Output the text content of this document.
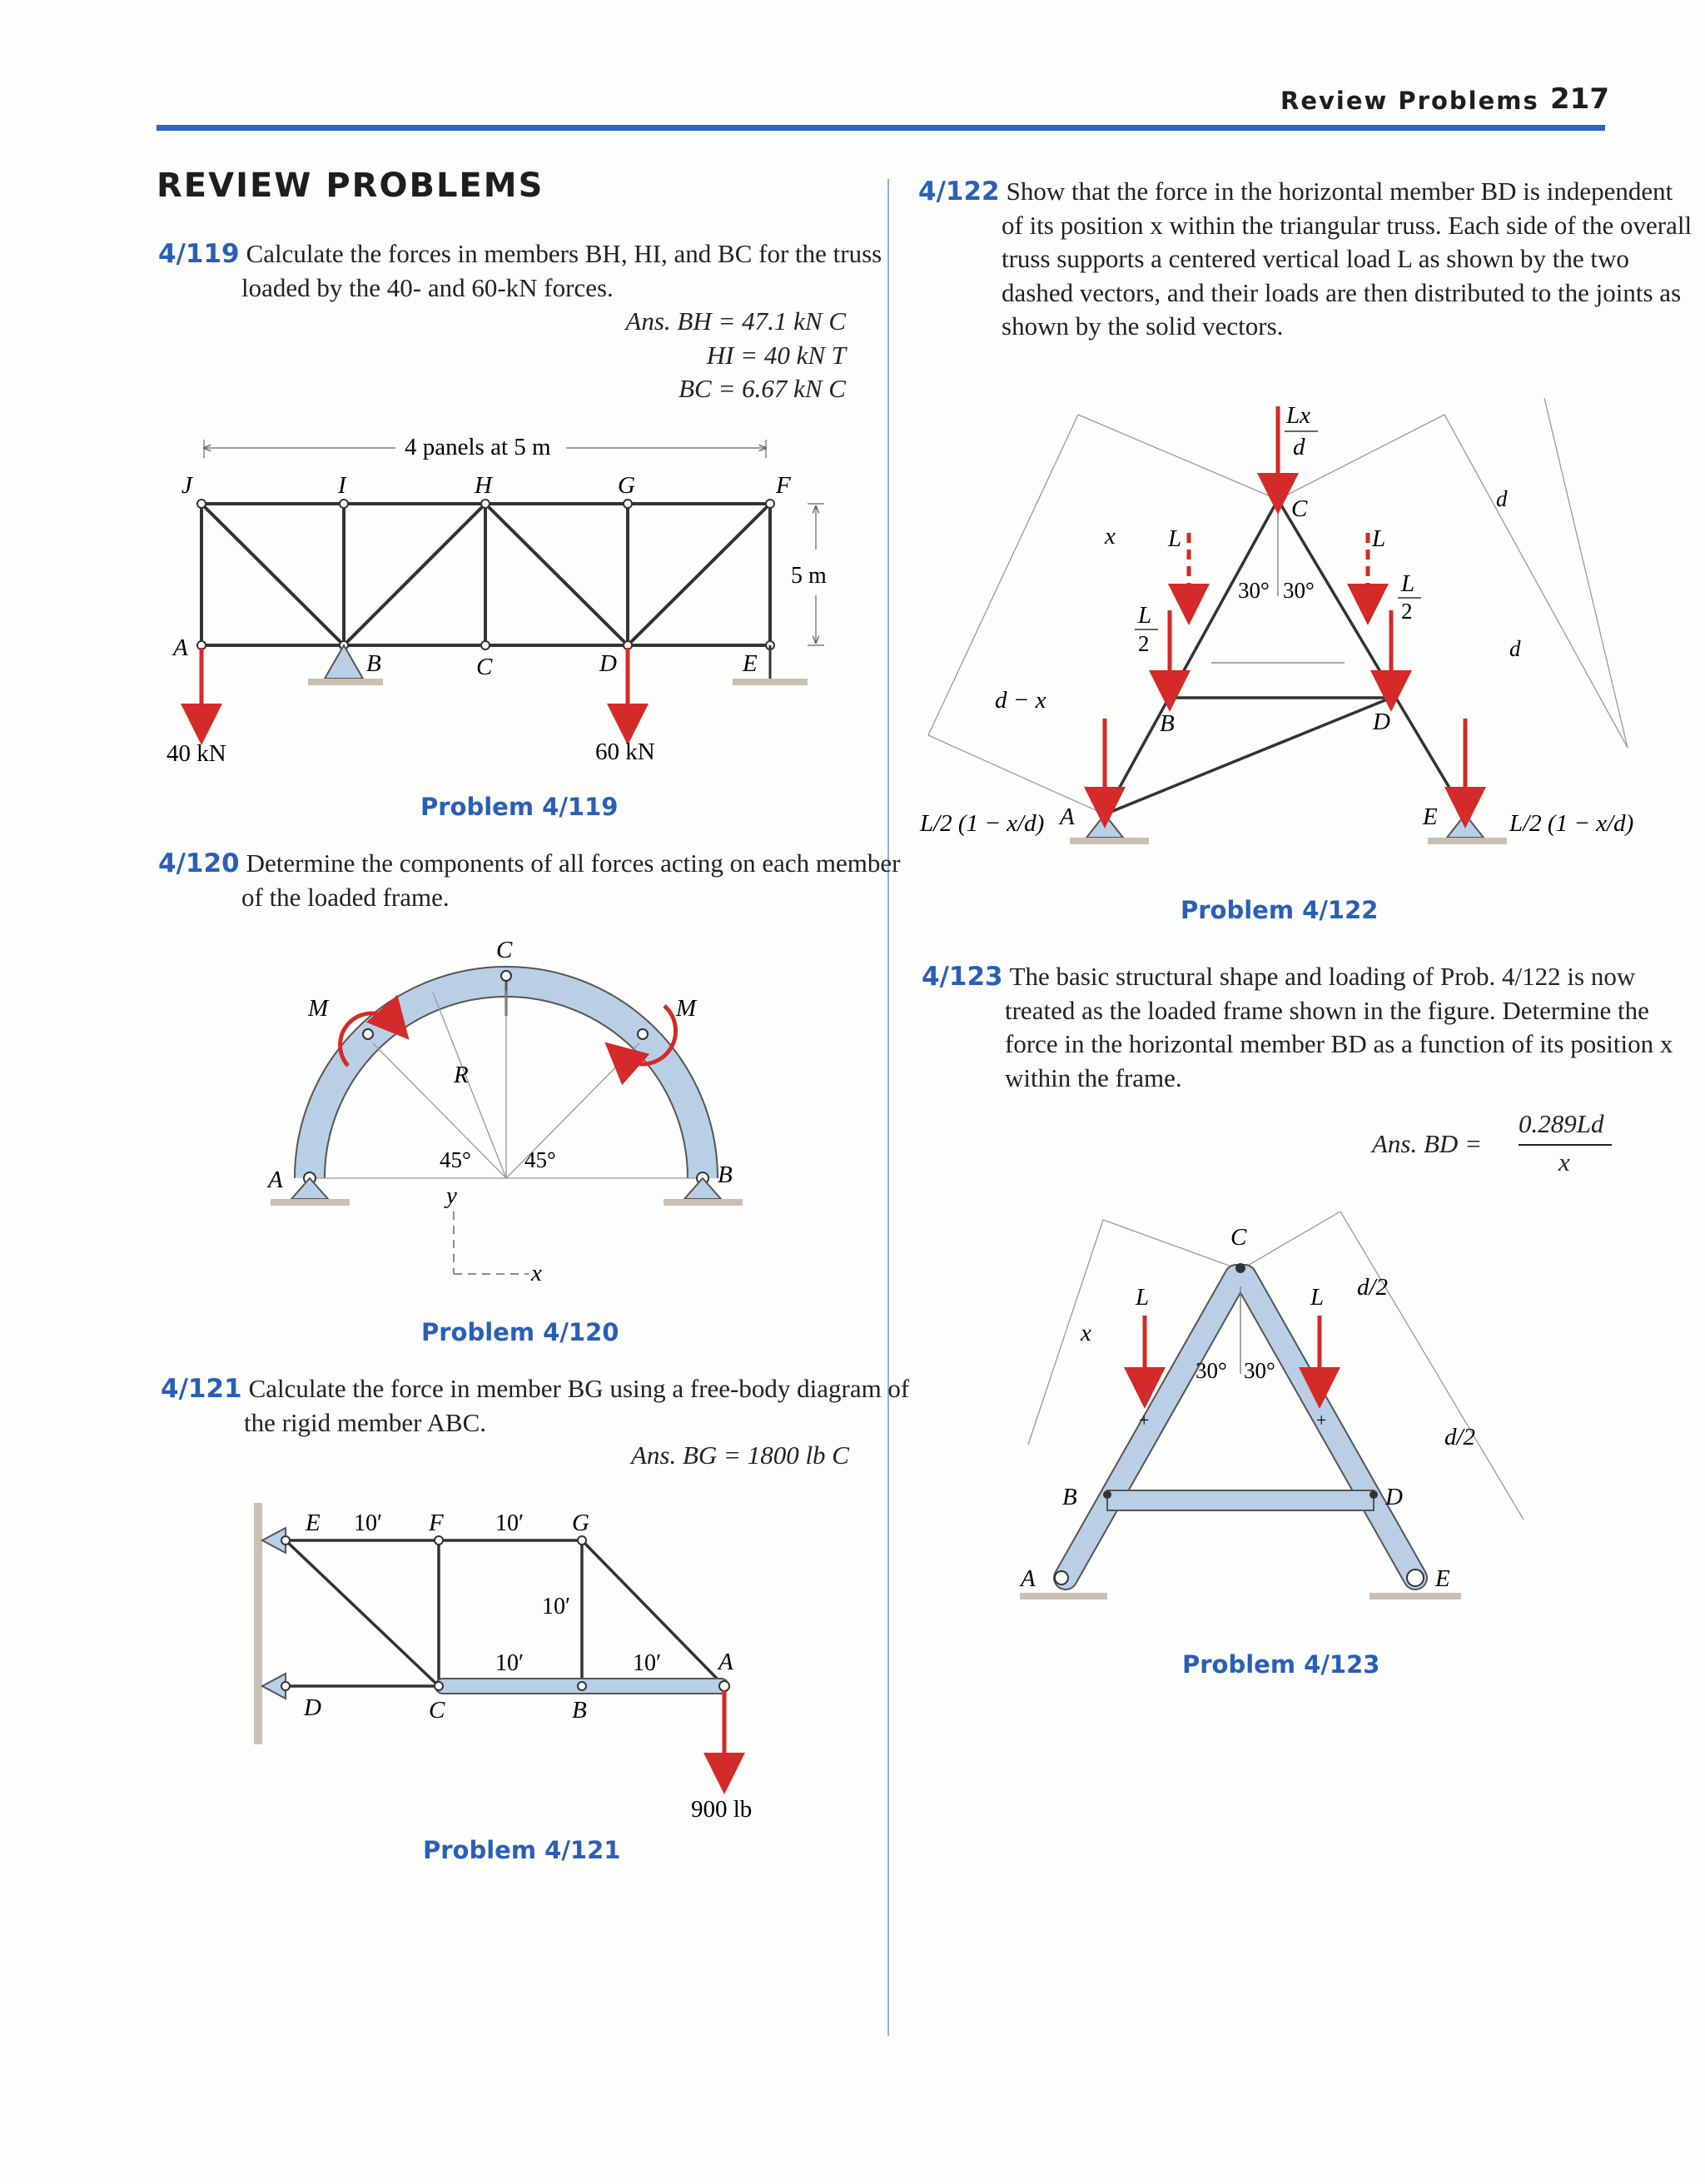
Review Problems 217
REVIEW PROBLEMS
4/119 Calculate the forces in members BH, HI, and BC for the truss loaded by the 40- and 60-kN forces.
Ans. BH = 47.1 kN C
HI = 40 kN T
BC = 6.67 kN C
4 panels at 5 m
5 m
40 kN	60 kN
J	I	H	G	F
A
B	C	D	E
Problem 4/119
4/120 Determine the components of all forces acting on each member of the loaded frame.
C
M	M
R
A	B
y
x
45° 45°
Problem 4/120
4/121 Calculate the force in member BG using a free-body diagram of the rigid member ABC.
Ans. BG = 1800 lb C
900 lb
E	F	G
D	C	B
A
10′	10′
10′
10′	10′
Problem 4/121
4/122 Show that the force in the horizontal member BD is independent of its position x within the triangular truss. Each side of the overall truss supports a centered vertical load L as shown by the two dashed vectors, and their loads are then distributed to the joints as shown by the solid vectors.
C
B	D
A	E
x
d − x
L	L
Lx
d
L
L
2
2
30° 30°
d
d
L/2 (1 − x/d)	L/2 (1 − x/d)
Problem 4/122
4/123 The basic structural shape and loading of Prob. 4/122 is now treated as the loaded frame shown in the figure. Determine the force in the horizontal member BD as a function of its position x within the frame.
Ans. BD =
0.289Ld
x
+	+
C
B	D
A	E
x
L	L d/2
d/2
30° 30°
Problem 4/123
